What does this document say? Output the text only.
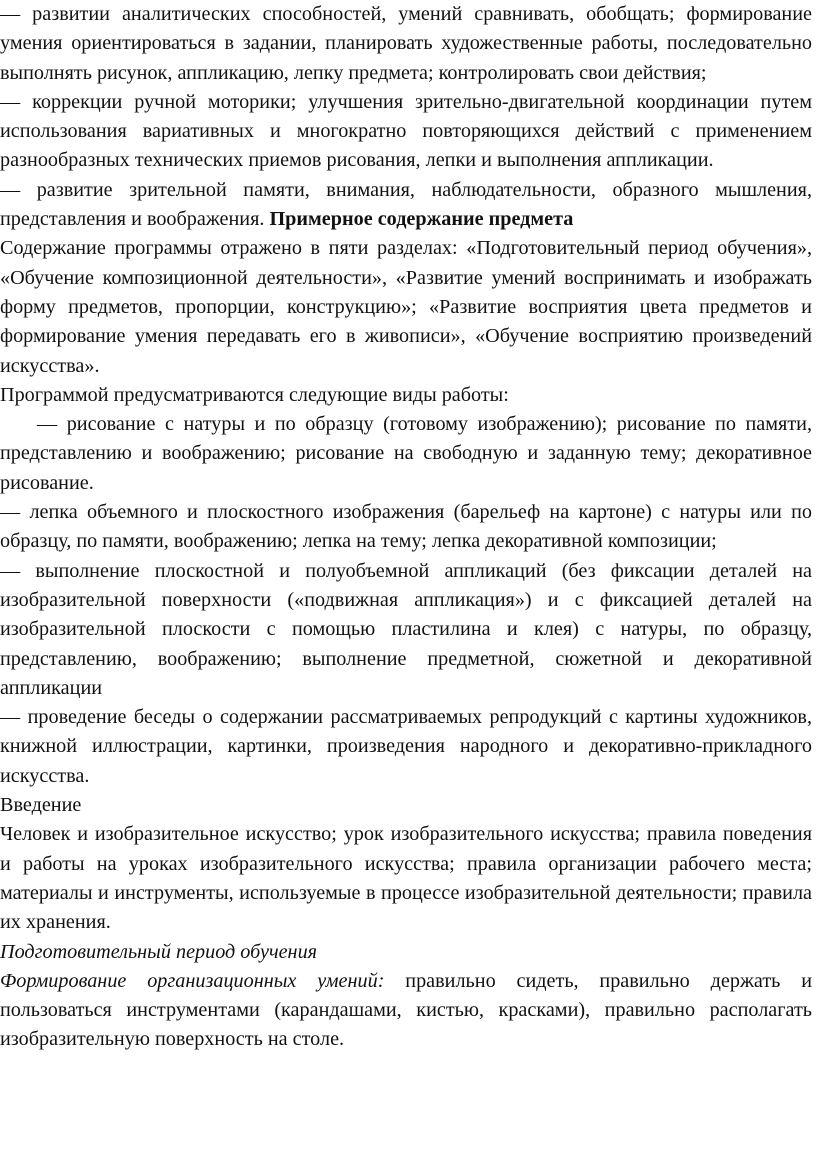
— развитии аналитических способностей, умений сравнивать, обобщать; формирование умения ориентироваться в задании, планировать художественные работы, последовательно выполнять рисунок, аппликацию, лепку предмета; контролировать свои действия;

— коррекции ручной моторики; улучшения зрительно-двигательной координации путем использования вариативных и многократно повторяющихся действий с применением разнообразных технических приемов рисования, лепки и выполнения аппликации.

— развитие зрительной памяти, внимания, наблюдательности, образного мышления, представления и воображения. Примерное содержание предмета

Содержание программы отражено в пяти разделах: «Подготовительный период обучения», «Обучение композиционной деятельности», «Развитие умений воспринимать и изображать форму предметов, пропорции, конструкцию»; «Развитие восприятия цвета предметов и формирование умения передавать его в живописи», «Обучение восприятию произведений искусства».

Программой предусматриваются следующие виды работы:

— рисование с натуры и по образцу (готовому изображению); рисование по памяти, представлению и воображению; рисование на свободную и заданную тему; декоративное рисование.

— лепка объемного и плоскостного изображения (барельеф на картоне) с натуры или по образцу, по памяти, воображению; лепка на тему; лепка декоративной композиции;

— выполнение плоскостной и полуобъемной аппликаций (без фиксации деталей на изобразительной поверхности («подвижная аппликация») и с фиксацией деталей на изобразительной плоскости с помощью пластилина и клея) с натуры, по образцу, представлению, воображению; выполнение предметной, сюжетной и декоративной аппликации

— проведение беседы о содержании рассматриваемых репродукций с картины художников, книжной иллюстрации, картинки, произведения народного и декоративно-прикладного искусства.

Введение

Человек и изобразительное искусство; урок изобразительного искусства; правила поведения и работы на уроках изобразительного искусства; правила организации рабочего места; материалы и инструменты, используемые в процессе изобразительной деятельности; правила их хранения.

Подготовительный период обучения

Формирование организационных умений: правильно сидеть, правильно держать и пользоваться инструментами (карандашами, кистью, красками), правильно располагать изобразительную поверхность на столе.
